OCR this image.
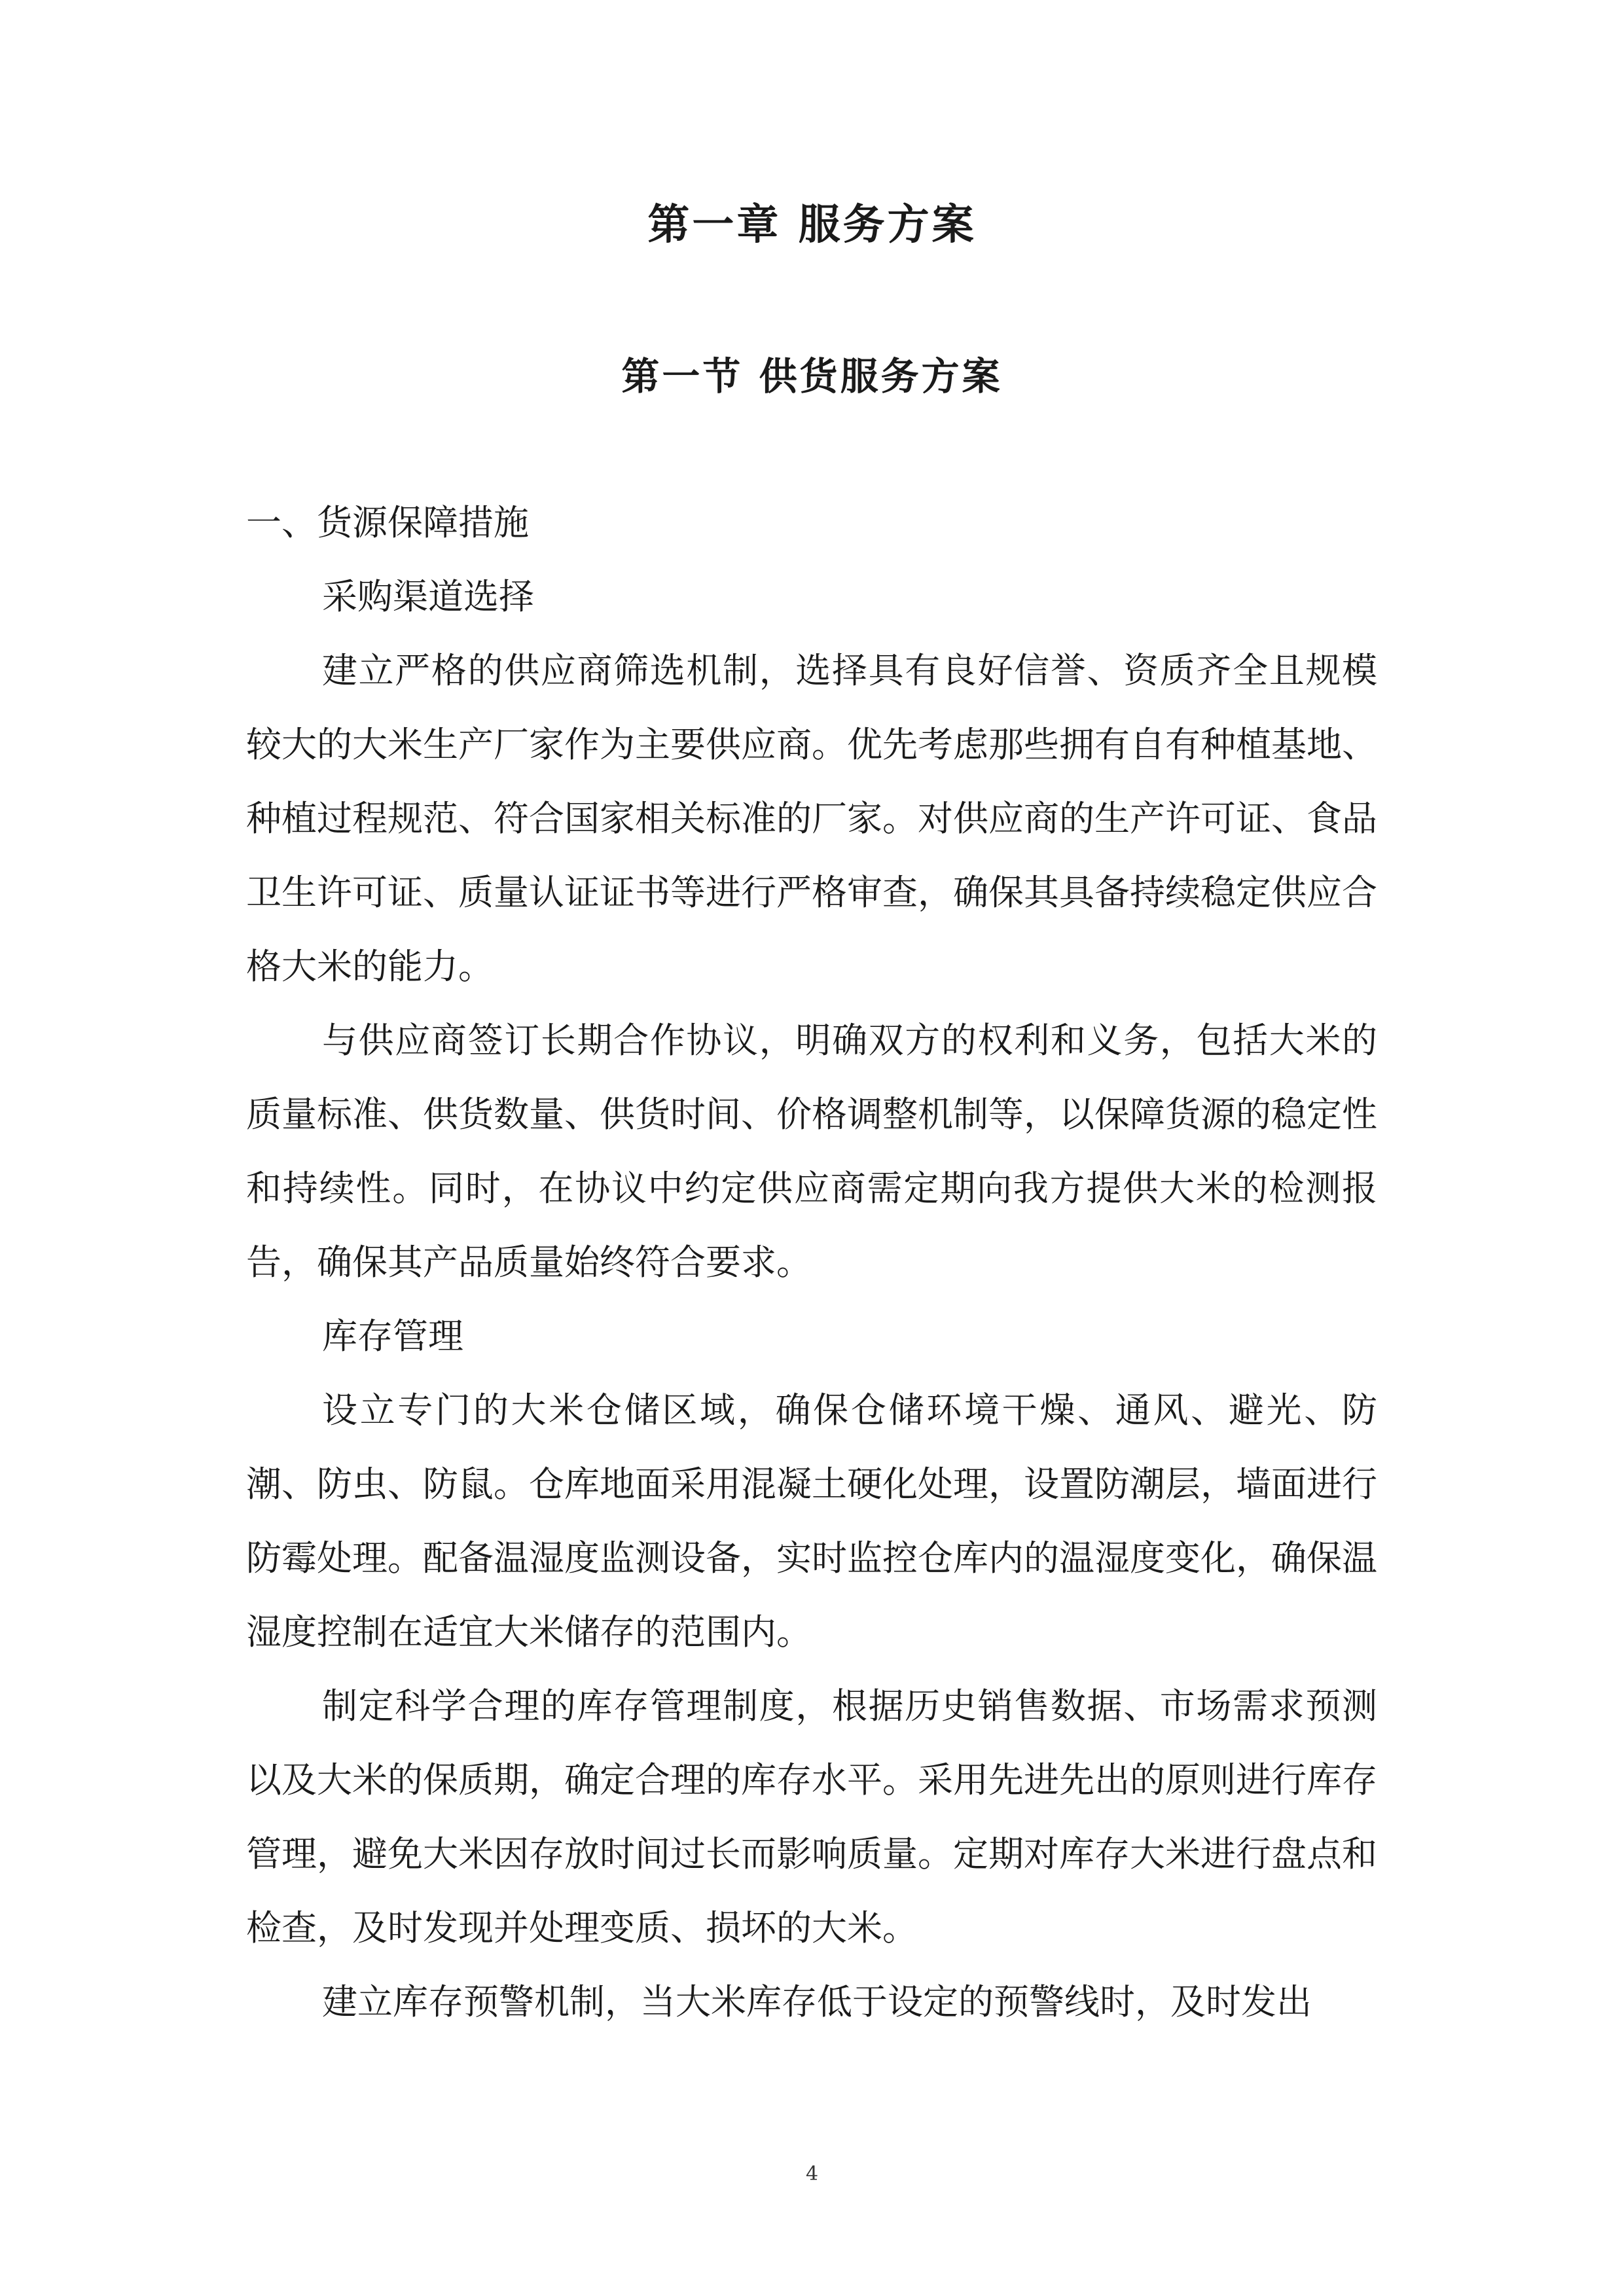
第一章 服务方案
第一节 供货服务方案

一、货源保障措施

采购渠道选择

建立严格的供应商筛选机制，选择具有良好信誉、资质齐全且规模较大的大米生产厂家作为主要供应商。优先考虑那些拥有自有种植基地、种植过程规范、符合国家相关标准的厂家。对供应商的生产许可证、食品卫生许可证、质量认证证书等进行严格审查，确保其具备持续稳定供应合格大米的能力。

与供应商签订长期合作协议，明确双方的权利和义务，包括大米的质量标准、供货数量、供货时间、价格调整机制等，以保障货源的稳定性和持续性。同时，在协议中约定供应商需定期向我方提供大米的检测报告，确保其产品质量始终符合要求。

库存管理

设立专门的大米仓储区域，确保仓储环境干燥、通风、避光、防潮、防虫、防鼠。仓库地面采用混凝土硬化处理，设置防潮层，墙面进行防霉处理。配备温湿度监测设备，实时监控仓库内的温湿度变化，确保温湿度控制在适宜大米储存的范围内。

制定科学合理的库存管理制度，根据历史销售数据、市场需求预测以及大米的保质期，确定合理的库存水平。采用先进先出的原则进行库存管理，避免大米因存放时间过长而影响质量。定期对库存大米进行盘点和检查，及时发现并处理变质、损坏的大米。

建立库存预警机制，当大米库存低于设定的预警线时，及时发出

4
